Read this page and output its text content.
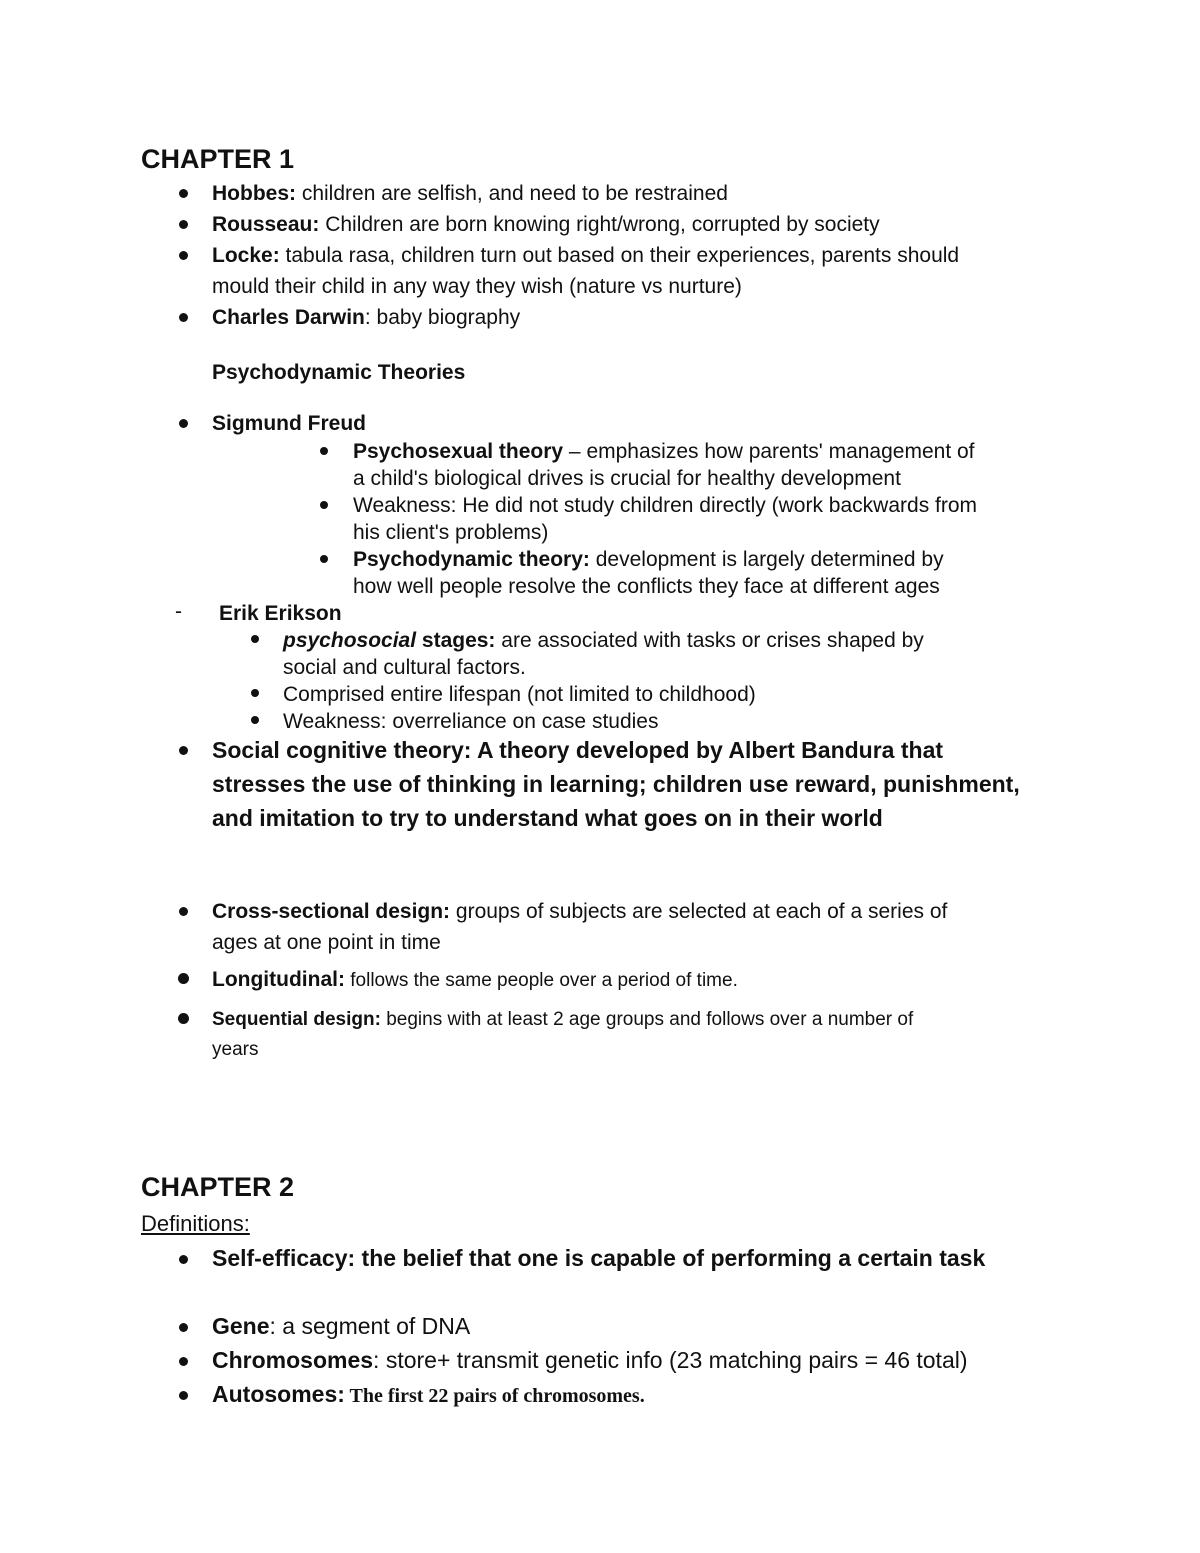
CHAPTER 1
Hobbes: children are selfish, and need to be restrained
Rousseau: Children are born knowing right/wrong, corrupted by society
Locke: tabula rasa, children turn out based on their experiences, parents should
mould their child in any way they wish (nature vs nurture)
Charles Darwin: baby biography
Psychodynamic Theories
Sigmund Freud
Psychosexual theory – emphasizes how parents' management of
a child's biological drives is crucial for healthy development
Weakness: He did not study children directly (work backwards from
his client's problems)
Psychodynamic theory: development is largely determined by
how well people resolve the conflicts they face at different ages
- Erik Erikson
psychosocial stages: are associated with tasks or crises shaped by
social and cultural factors.
Comprised entire lifespan (not limited to childhood)
Weakness: overreliance on case studies
Social cognitive theory: A theory developed by Albert Bandura that
stresses the use of thinking in learning; children use reward, punishment,
and imitation to try to understand what goes on in their world
Cross-sectional design: groups of subjects are selected at each of a series of
ages at one point in time
Longitudinal: follows the same people over a period of time.
Sequential design: begins with at least 2 age groups and follows over a number of
years
CHAPTER 2
Definitions:
Self-efficacy: the belief that one is capable of performing a certain task
Gene: a segment of DNA
Chromosomes: store+ transmit genetic info (23 matching pairs = 46 total)
Autosomes: The first 22 pairs of chromosomes.
